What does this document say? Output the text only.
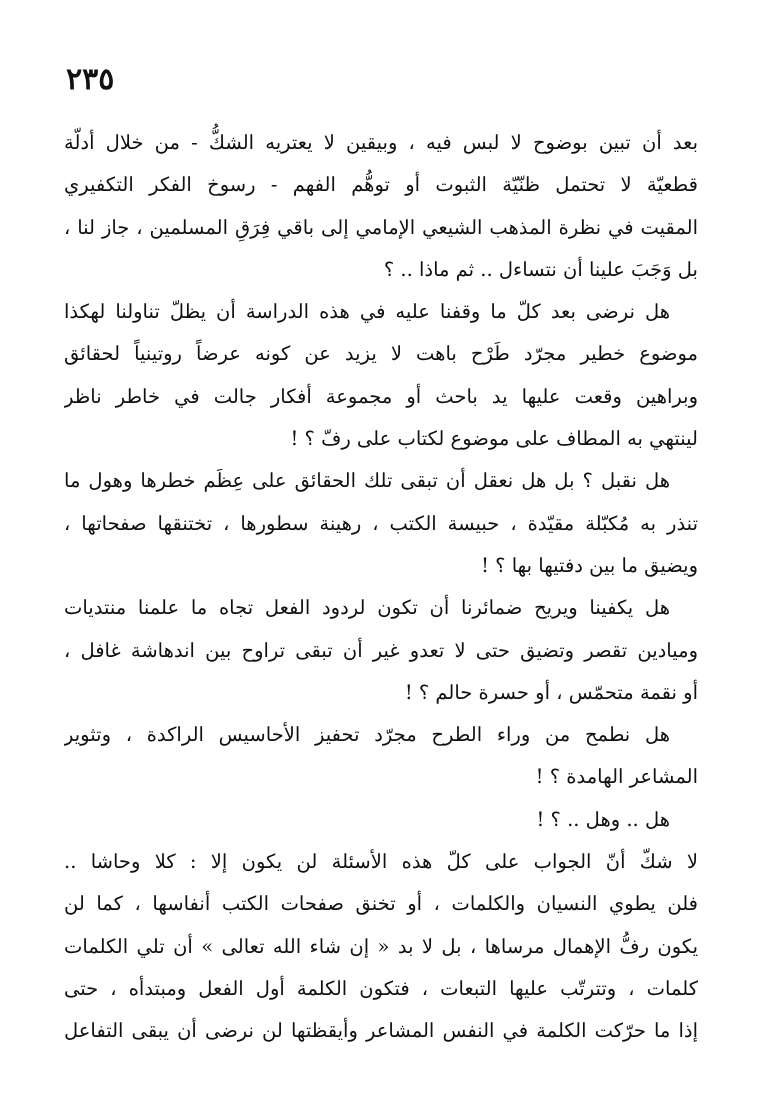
٢٣٥
بعد أن تبين بوضوح لا لبس فيه ، وبيقين لا يعتريه الشكُّ - من خلال أدلّة
قطعيّة لا تحتمل ظنّيّة الثبوت أو توهُّم الفهم - رسوخ الفكر التكفيري
المقيت في نظرة المذهب الشيعي الإمامي إلى باقي فِرَقِ المسلمين ، جاز لنا ،
بل وَجَبَ علينا أن نتساءل .. ثم ماذا .. ؟
هل نرضى بعد كلّ ما وقفنا عليه في هذه الدراسة أن يظلّ تناولنا لهكذا
موضوع خطير مجرّد طَرْح باهت لا يزيد عن كونه عرضاً روتينياً لحقائق
وبراهين وقعت عليها يد باحث أو مجموعة أفكار جالت في خاطر ناظر
لينتهي به المطاف على موضوع لكتاب على رفّ ؟ !
هل نقبل ؟ بل هل نعقل أن تبقى تلك الحقائق على عِظَم خطرها وهول ما
تنذر به مُكبّلة مقيّدة ، حبيسة الكتب ، رهينة سطورها ، تختنقها صفحاتها ،
ويضيق ما بين دفتيها بها ؟ !
هل يكفينا ويريح ضمائرنا أن تكون لردود الفعل تجاه ما علمنا منتديات
وميادين تقصر وتضيق حتى لا تعدو غير أن تبقى تراوح بين اندهاشة غافل ،
أو نقمة متحمّس ، أو حسرة حالم ؟ !
هل نطمح من وراء الطرح مجرّد تحفيز الأحاسيس الراكدة ، وتثوير
المشاعر الهامدة ؟ !
هل .. وهل .. ؟ !
لا شكّ أنّ الجواب على كلّ هذه الأسئلة لن يكون إلا : كلا وحاشا ..
فلن يطوي النسيان والكلمات ، أو تخنق صفحات الكتب أنفاسها ، كما لن
يكون رفُّ الإهمال مرساها ، بل لا بد « إن شاء الله تعالى » أن تلي الكلمات
كلمات ، وتترتّب عليها التبعات ، فتكون الكلمة أول الفعل ومبتدأه ، حتى
إذا ما حرّكت الكلمة في النفس المشاعر وأيقظتها لن نرضى أن يبقى التفاعل
